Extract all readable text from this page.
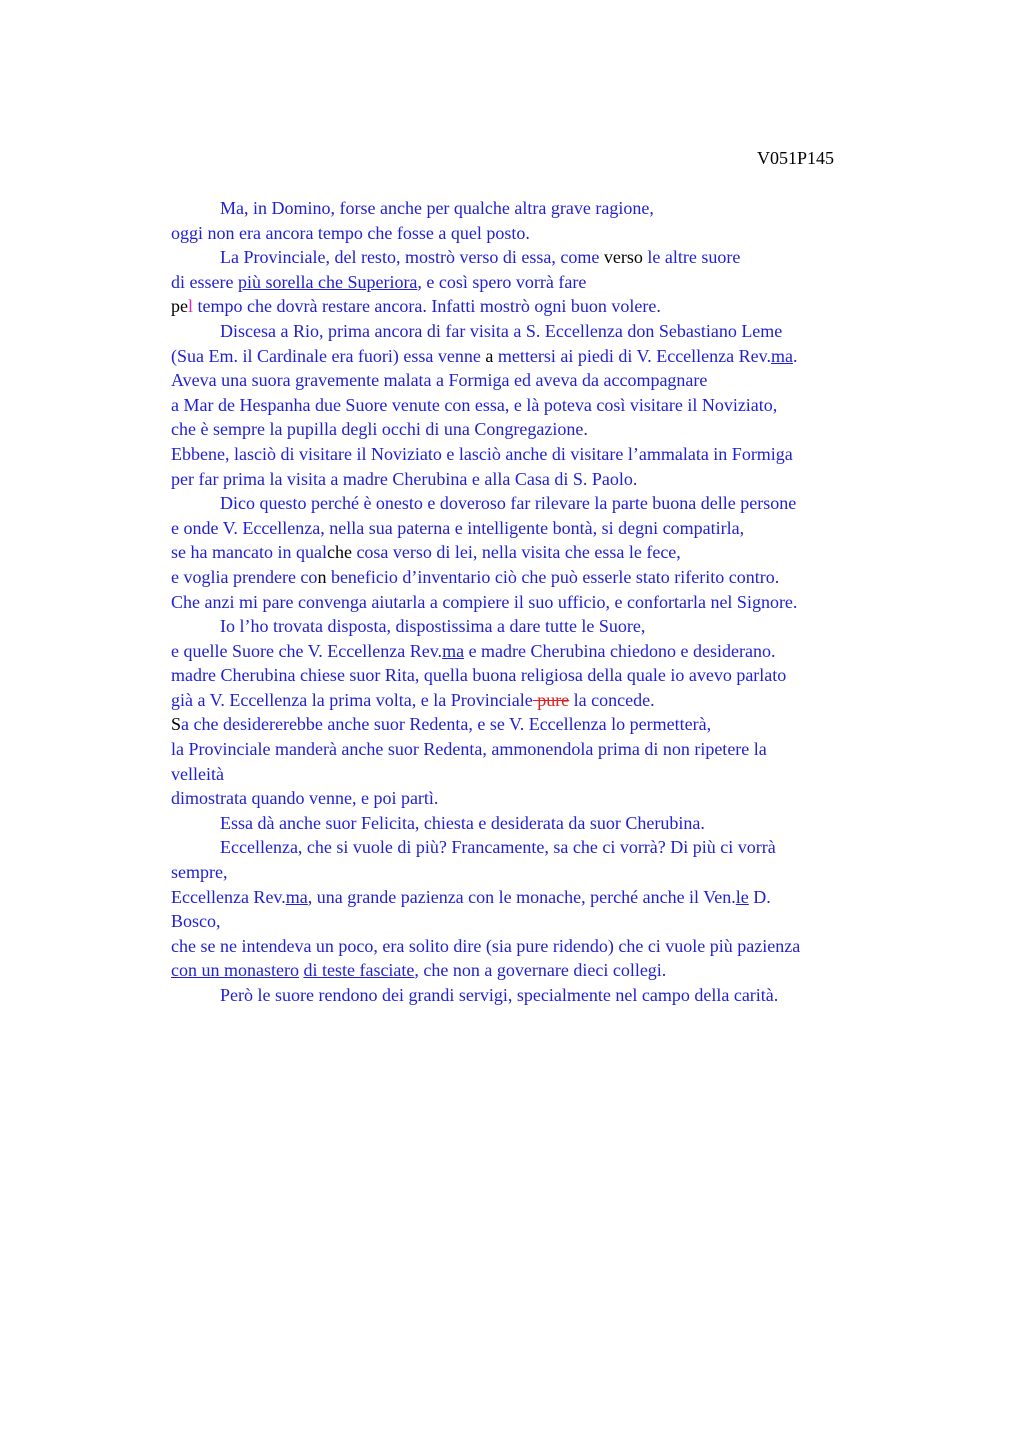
V051P145
Ma, in Domino, forse anche per qualche altra grave ragione,
oggi non era ancora tempo che fosse a quel posto.
La Provinciale, del resto, mostrò verso di essa, come verso le altre suore
di essere più sorella che Superiora, e così spero vorrà fare
pel tempo che dovrà restare ancora. Infatti mostrò ogni buon volere.
Discesa a Rio, prima ancora di far visita a S. Eccellenza don Sebastiano Leme
(Sua Em. il Cardinale era fuori) essa venne a mettersi ai piedi di V. Eccellenza Rev.ma.
Aveva una suora gravemente malata a Formiga ed aveva da accompagnare
a Mar de Hespanha due Suore venute con essa, e là poteva così visitare il Noviziato,
che è sempre la pupilla degli occhi di una Congregazione.
Ebbene, lasciò di visitare il Noviziato e lasciò anche di visitare l’ammalata in Formiga
per far prima la visita a madre Cherubina e alla Casa di S. Paolo.
Dico questo perché è onesto e doveroso far rilevare la parte buona delle persone
e onde V. Eccellenza, nella sua paterna e intelligente bontà, si degni compatirla,
se ha mancato in qualche cosa verso di lei, nella visita che essa le fece,
e voglia prendere con beneficio d’inventario ciò che può esserle stato riferito contro.
Che anzi mi pare convenga aiutarla a compiere il suo ufficio, e confortarla nel Signore.
Io l’ho trovata disposta, dispostissima a dare tutte le Suore,
e quelle Suore che V. Eccellenza Rev.ma e madre Cherubina chiedono e desiderano.
madre Cherubina chiese suor Rita, quella buona religiosa della quale io avevo parlato
già a V. Eccellenza la prima volta, e la Provinciale pure la concede.
Sa che desidererebbe anche suor Redenta, e se V. Eccellenza lo permetterà,
la Provinciale manderà anche suor Redenta, ammonendola prima di non ripetere la
velleità
dimostrata quando venne, e poi partì.
Essa dà anche suor Felicita, chiesta e desiderata da suor Cherubina.
Eccellenza, che si vuole di più? Francamente, sa che ci vorrà? Di più ci vorrà
sempre,
Eccellenza Rev.ma, una grande pazienza con le monache, perché anche il Ven.le D.
Bosco,
che se ne intendeva un poco, era solito dire (sia pure ridendo) che ci vuole più pazienza
con un monastero di teste fasciate, che non a governare dieci collegi.
Però le suore rendono dei grandi servigi, specialmente nel campo della carità.
